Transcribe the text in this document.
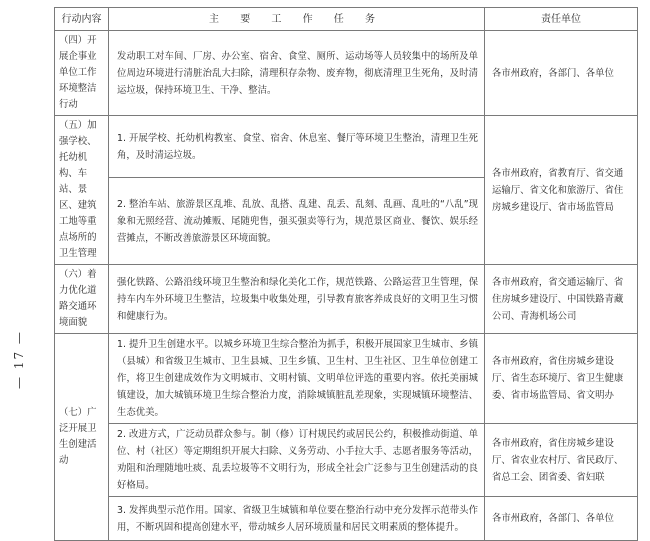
— 17 —
行动内容	主 要 工 作 任 务	责任单位
（四）开展企事业单位工作环境整洁行动	发动职工对车间、厂房、办公室、宿舍、食堂、厕所、运动场等人员较集中的场所及单位周边环境进行清脏治乱大扫除，清理积存杂物、废弃物，彻底清理卫生死角，及时清运垃圾，保持环境卫生、干净、整洁。	各市州政府，各部门、各单位
（五）加强学校、托幼机构、车站、景区、建筑工地等重点场所的卫生管理	1. 开展学校、托幼机构教室、食堂、宿舍、休息室、餐厅等环境卫生整治，清理卫生死角，及时清运垃圾。	各市州政府，省教育厅、省交通运输厅、省文化和旅游厅、省住房城乡建设厅、省市场监管局
	2. 整治车站、旅游景区乱堆、乱放、乱搭、乱建、乱丢、乱刻、乱画、乱吐的“八乱”现象和无照经营、流动摊贩、尾随兜售，强买强卖等行为，规范景区商业、餐饮、娱乐经营摊点，不断改善旅游景区环境面貌。	
（六）着力优化道路交通环境面貌	强化铁路、公路沿线环境卫生整治和绿化美化工作，规范铁路、公路运营卫生管理，保持车内车外环境卫生整洁，垃圾集中收集处理，引导教育旅客养成良好的文明卫生习惯和健康行为。	各市州政府，省交通运输厅、省住房城乡建设厅、中国铁路青藏公司、青海机场公司
（七）广泛开展卫生创建活动	1. 提升卫生创建水平。以城乡环境卫生综合整治为抓手，积极开展国家卫生城市、乡镇（县城）和省级卫生城市、卫生县城、卫生乡镇、卫生村、卫生社区、卫生单位创建工作，将卫生创建成效作为文明城市、文明村镇、文明单位评选的重要内容。依托美丽城镇建设，加大城镇环境卫生综合整治力度，消除城镇脏乱差现象，实现城镇环境整洁、生态优美。	各市州政府，省住房城乡建设厅、省生态环境厅、省卫生健康委、省市场监管局、省文明办
	2. 改进方式，广泛动员群众参与。制（修）订村规民约或居民公约，积极推动街道、单位、村（社区）等定期组织开展大扫除、义务劳动、小手拉大手、志愿者服务等活动，劝阻和治理随地吐痰、乱丢垃圾等不文明行为，形成全社会广泛参与卫生创建活动的良好格局。	各市州政府，省住房城乡建设厅、省农业农村厅、省民政厅、省总工会、团省委、省妇联
	3. 发挥典型示范作用。国家、省级卫生城镇和单位要在整治行动中充分发挥示范带头作用，不断巩固和提高创建水平，带动城乡人居环境质量和居民文明素质的整体提升。	各市州政府，各部门、各单位
